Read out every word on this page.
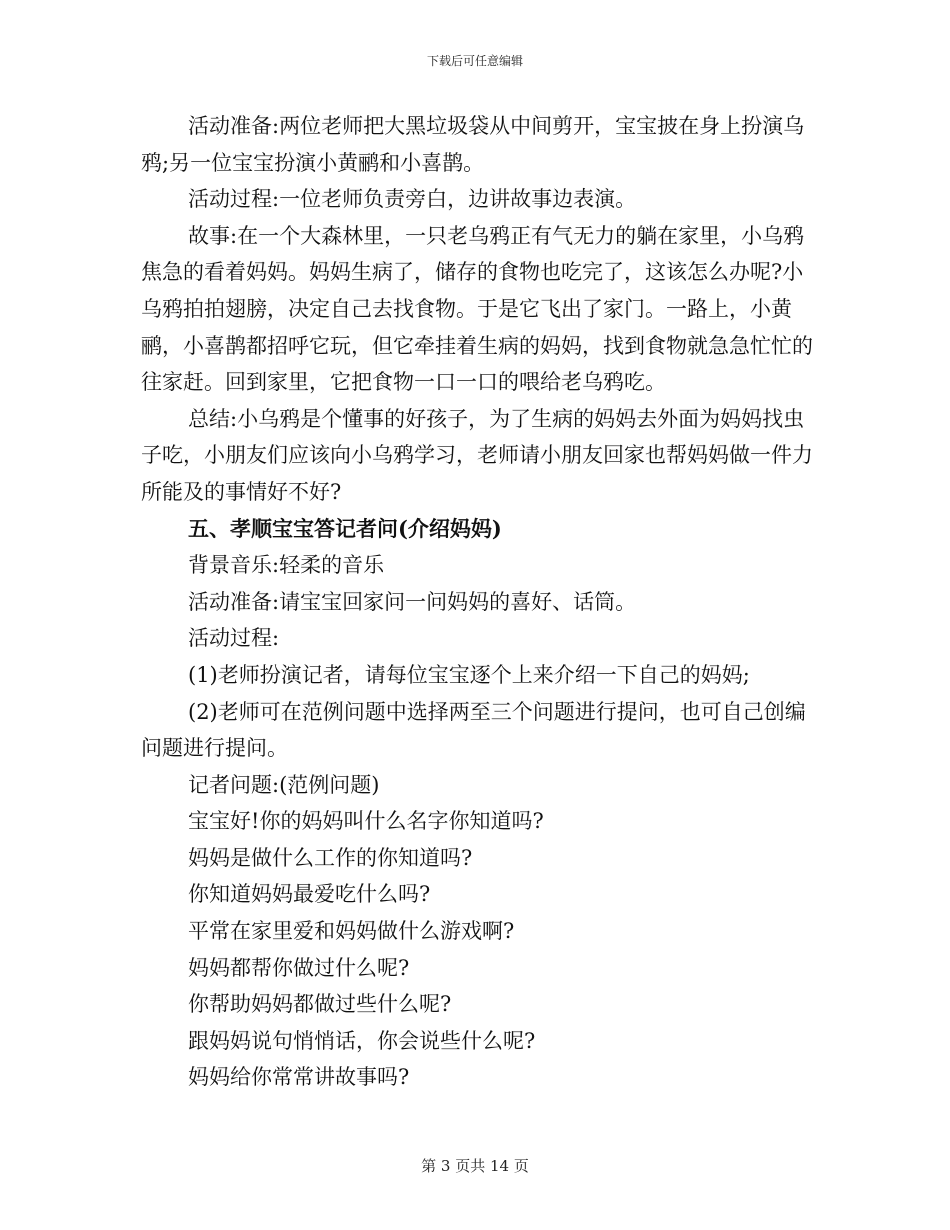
下载后可任意编辑

活动准备:两位老师把大黑垃圾袋从中间剪开，宝宝披在身上扮演乌鸦;另一位宝宝扮演小黄鹂和小喜鹊。

活动过程:一位老师负责旁白，边讲故事边表演。

故事:在一个大森林里，一只老乌鸦正有气无力的躺在家里，小乌鸦焦急的看着妈妈。妈妈生病了，储存的食物也吃完了，这该怎么办呢?小乌鸦拍拍翅膀，决定自己去找食物。于是它飞出了家门。一路上，小黄鹂，小喜鹊都招呼它玩，但它牵挂着生病的妈妈，找到食物就急急忙忙的往家赶。回到家里，它把食物一口一口的喂给老乌鸦吃。

总结:小乌鸦是个懂事的好孩子，为了生病的妈妈去外面为妈妈找虫子吃，小朋友们应该向小乌鸦学习，老师请小朋友回家也帮妈妈做一件力所能及的事情好不好?

五、孝顺宝宝答记者问(介绍妈妈)

背景音乐:轻柔的音乐

活动准备:请宝宝回家问一问妈妈的喜好、话筒。

活动过程:

(1)老师扮演记者，请每位宝宝逐个上来介绍一下自己的妈妈;

(2)老师可在范例问题中选择两至三个问题进行提问，也可自己创编问题进行提问。

记者问题:(范例问题)

宝宝好!你的妈妈叫什么名字你知道吗?

妈妈是做什么工作的你知道吗?

你知道妈妈最爱吃什么吗?

平常在家里爱和妈妈做什么游戏啊?

妈妈都帮你做过什么呢?

你帮助妈妈都做过些什么呢?

跟妈妈说句悄悄话，你会说些什么呢?

妈妈给你常常讲故事吗?

第 3 页共 14 页
